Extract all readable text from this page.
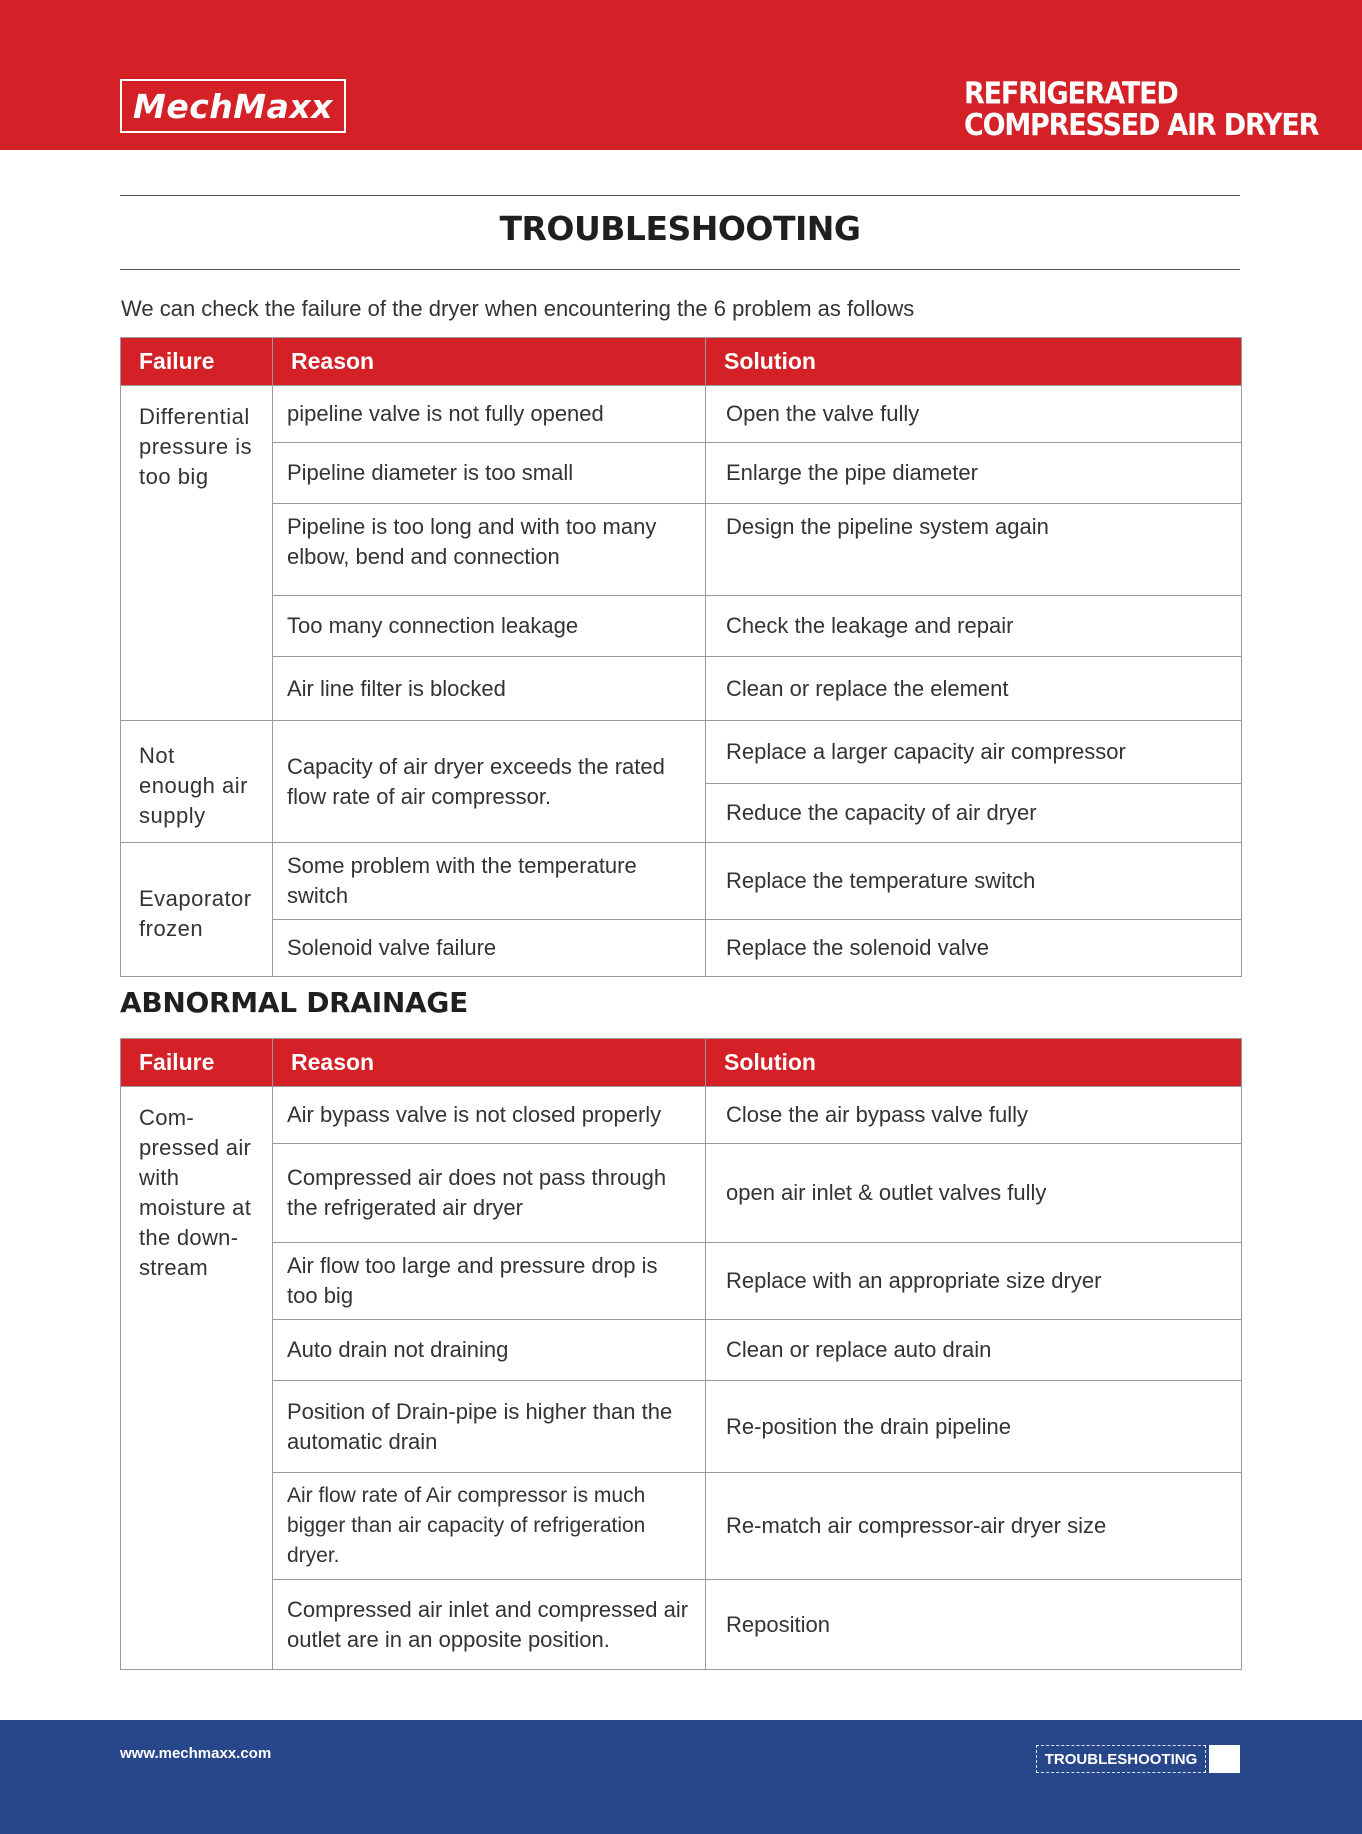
MechMaxx	REFRIGERATED
COMPRESSED AIR DRYER
TROUBLESHOOTING
We can check the failure of the dryer when encountering the 6 problem as follows
Failure	Reason	Solution
Differential pressure is too big	pipeline valve is not fully opened	Open the valve fully
	Pipeline diameter is too small	Enlarge the pipe diameter
	Pipeline is too long and with too many elbow, bend and connection	Design the pipeline system again
	Too many connection leakage	Check the leakage and repair
	Air line filter is blocked	Clean or replace the element
Not enough air supply	Capacity of air dryer exceeds the rated flow rate of air compressor.	Replace a larger capacity air compressor
		Reduce the capacity of air dryer
Evaporator frozen	Some problem with the temperature switch	Replace the temperature switch
	Solenoid valve failure	Replace the solenoid valve
ABNORMAL DRAINAGE
Failure	Reason	Solution
Com-pressed air with moisture at the down-stream	Air bypass valve is not closed properly	Close the air bypass valve fully
	Compressed air does not pass through the refrigerated air dryer	open air inlet & outlet valves fully
	Air flow too large and pressure drop is too big	Replace with an appropriate size dryer
	Auto drain not draining	Clean or replace auto drain
	Position of Drain-pipe is higher than the automatic drain	Re-position the drain pipeline
	Air flow rate of Air compressor is much bigger than air capacity of refrigeration dryer.	Re-match air compressor-air dryer size
	Compressed air inlet and compressed air outlet are in an opposite position.	Reposition
www.mechmaxx.com	TROUBLESHOOTING
